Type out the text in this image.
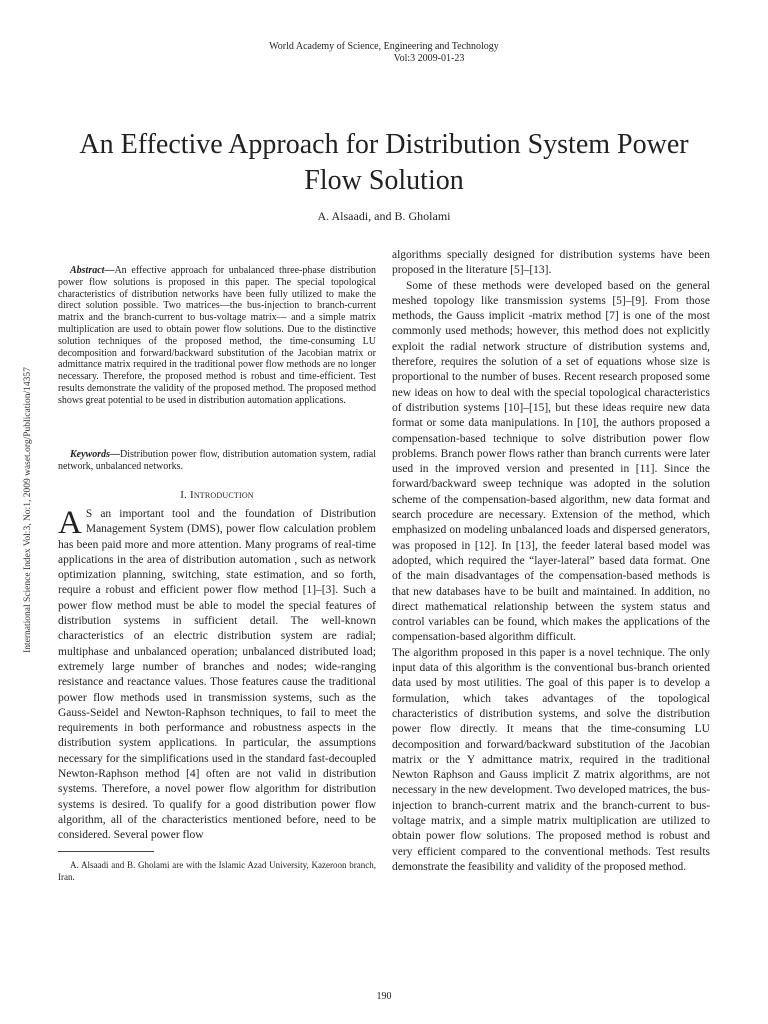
World Academy of Science, Engineering and Technology
Vol:3 2009-01-23
International Science Index Vol:3, No:1, 2009 waset.org/Publication/14357
An Effective Approach for Distribution System Power Flow Solution
A. Alsaadi, and B. Gholami

Abstract—An effective approach for unbalanced three-phase distribution power flow solutions is proposed in this paper. The special topological characteristics of distribution networks have been fully utilized to make the direct solution possible. Two matrices—the bus-injection to branch-current matrix and the branch-current to bus-voltage matrix— and a simple matrix multiplication are used to obtain power flow solutions. Due to the distinctive solution techniques of the proposed method, the time-consuming LU decomposition and forward/backward substitution of the Jacobian matrix or admittance matrix required in the traditional power flow methods are no longer necessary. Therefore, the proposed method is robust and time-efficient. Test results demonstrate the validity of the proposed method. The proposed method shows great potential to be used in distribution automation applications.

Keywords—Distribution power flow, distribution automation system, radial network, unbalanced networks.

I. Introduction
A S an important tool and the foundation of Distribution Management System (DMS), power flow calculation problem has been paid more and more attention. Many programs of real-time applications in the area of distribution automation , such as network optimization planning, switching, state estimation, and so forth, require a robust and efficient power flow method [1]–[3]. Such a power flow method must be able to model the special features of distribution systems in sufficient detail. The well-known characteristics of an electric distribution system are radial; multiphase and unbalanced operation; unbalanced distributed load; extremely large number of branches and nodes; wide-ranging resistance and reactance values. Those features cause the traditional power flow methods used in transmission systems, such as the Gauss-Seidel and Newton-Raphson techniques, to fail to meet the requirements in both performance and robustness aspects in the distribution system applications. In particular, the assumptions necessary for the simplifications used in the standard fast-decoupled Newton-Raphson method [4] often are not valid in distribution systems. Therefore, a novel power flow algorithm for distribution systems is desired. To qualify for a good distribution power flow algorithm, all of the characteristics mentioned before, need to be considered. Several power flow

algorithms specially designed for distribution systems have been proposed in the literature [5]–[13].

Some of these methods were developed based on the general meshed topology like transmission systems [5]–[9]. From those methods, the Gauss implicit -matrix method [7] is one of the most commonly used methods; however, this method does not explicitly exploit the radial network structure of distribution systems and, therefore, requires the solution of a set of equations whose size is proportional to the number of buses. Recent research proposed some new ideas on how to deal with the special topological characteristics of distribution systems [10]–[15], but these ideas require new data format or some data manipulations. In [10], the authors proposed a compensation-based technique to solve distribution power flow problems. Branch power flows rather than branch currents were later used in the improved version and presented in [11]. Since the forward/backward sweep technique was adopted in the solution scheme of the compensation-based algorithm, new data format and search procedure are necessary. Extension of the method, which emphasized on modeling unbalanced loads and dispersed generators, was proposed in [12]. In [13], the feeder lateral based model was adopted, which required the “layer-lateral” based data format. One of the main disadvantages of the compensation-based methods is that new databases have to be built and maintained. In addition, no direct mathematical relationship between the system status and control variables can be found, which makes the applications of the compensation-based algorithm difficult.

The algorithm proposed in this paper is a novel technique. The only input data of this algorithm is the conventional bus-branch oriented data used by most utilities. The goal of this paper is to develop a formulation, which takes advantages of the topological characteristics of distribution systems, and solve the distribution power flow directly. It means that the time-consuming LU decomposition and forward/backward substitution of the Jacobian matrix or the Y admittance matrix, required in the traditional Newton Raphson and Gauss implicit Z matrix algorithms, are not necessary in the new development. Two developed matrices, the bus-injection to branch-current matrix and the branch-current to bus-voltage matrix, and a simple matrix multiplication are utilized to obtain power flow solutions. The proposed method is robust and very efficient compared to the conventional methods. Test results demonstrate the feasibility and validity of the proposed method.

A. Alsaadi and B. Gholami are with the Islamic Azad University, Kazeroon branch, Iran.
190
